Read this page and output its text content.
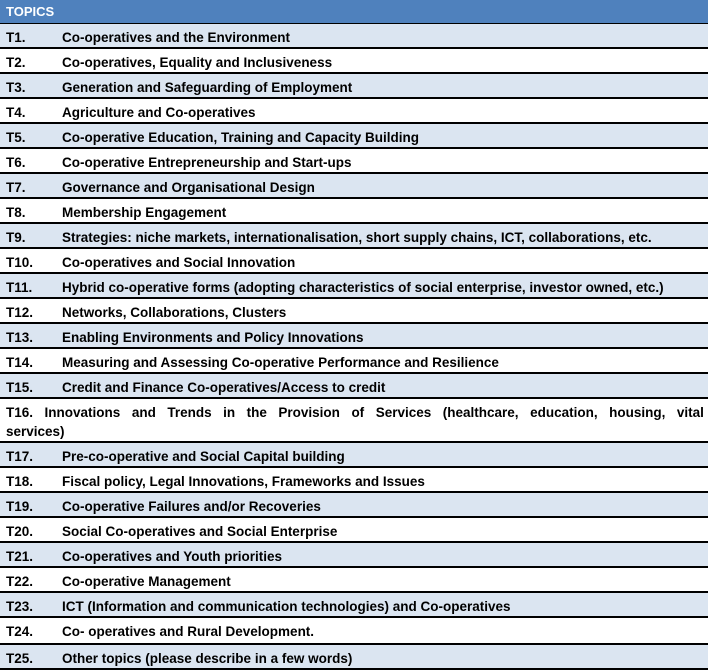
TOPICS
T1.	Co-operatives and the Environment
T2.	Co-operatives, Equality and Inclusiveness
T3.	Generation and Safeguarding of Employment
T4.	Agriculture and Co-operatives
T5.	Co-operative Education, Training and Capacity Building
T6.	Co-operative Entrepreneurship and Start-ups
T7.	Governance and Organisational Design
T8.	Membership Engagement
T9.	Strategies: niche markets, internationalisation, short supply chains, ICT, collaborations, etc.
T10.	Co-operatives and Social Innovation
T11.	Hybrid co-operative forms (adopting characteristics of social enterprise, investor owned, etc.)
T12.	Networks, Collaborations, Clusters
T13.	Enabling Environments and Policy Innovations
T14.	Measuring and Assessing Co-operative Performance and Resilience
T15.	Credit and Finance Co-operatives/Access to credit
T16. Innovations and Trends in the Provision of Services (healthcare, education, housing, vital
services)
T17.	Pre-co-operative and Social Capital building
T18.	Fiscal policy, Legal Innovations, Frameworks and Issues
T19.	Co-operative Failures and/or Recoveries
T20.	Social Co-operatives and Social Enterprise
T21.	Co-operatives and Youth priorities
T22.	Co-operative Management
T23.	ICT (Information and communication technologies) and Co-operatives
T24.	Co- operatives and Rural Development.
T25.	Other topics (please describe in a few words)
